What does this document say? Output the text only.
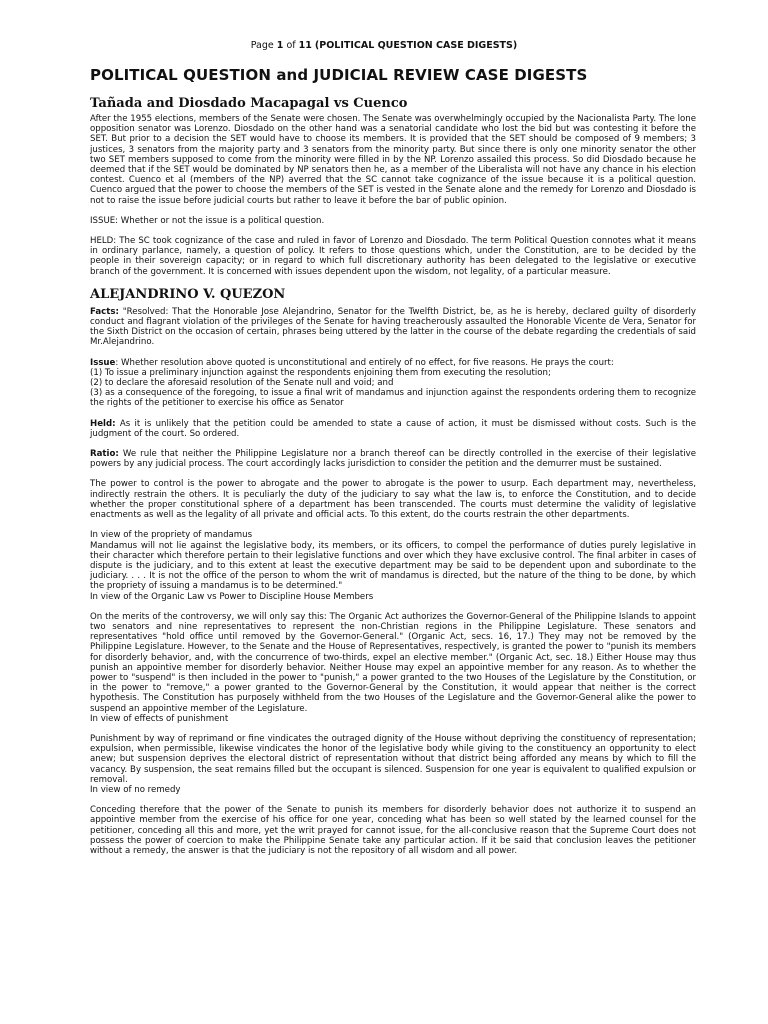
Page 1 of 11 (POLITICAL QUESTION CASE DIGESTS)
POLITICAL QUESTION and JUDICIAL REVIEW CASE DIGESTS
Tañada and Diosdado Macapagal vs Cuenco

After the 1955 elections, members of the Senate were chosen. The Senate was overwhelmingly occupied by the Nacionalista Party. The lone opposition senator was Lorenzo. Diosdado on the other hand was a senatorial candidate who lost the bid but was contesting it before the SET. But prior to a decision the SET would have to choose its members. It is provided that the SET should be composed of 9 members; 3 justices, 3 senators from the majority party and 3 senators from the minority party. But since there is only one minority senator the other two SET members supposed to come from the minority were filled in by the NP. Lorenzo assailed this process. So did Diosdado because he deemed that if the SET would be dominated by NP senators then he, as a member of the Liberalista will not have any chance in his election contest. Cuenco et al (members of the NP) averred that the SC cannot take cognizance of the issue because it is a political question. Cuenco argued that the power to choose the members of the SET is vested in the Senate alone and the remedy for Lorenzo and Diosdado is not to raise the issue before judicial courts but rather to leave it before the bar of public opinion.

ISSUE: Whether or not the issue is a political question.

HELD: The SC took cognizance of the case and ruled in favor of Lorenzo and Diosdado. The term Political Question connotes what it means in ordinary parlance, namely, a question of policy. It refers to those questions which, under the Constitution, are to be decided by the people in their sovereign capacity; or in regard to which full discretionary authority has been delegated to the legislative or executive branch of the government. It is concerned with issues dependent upon the wisdom, not legality, of a particular measure.

ALEJANDRINO V. QUEZON

Facts: "Resolved: That the Honorable Jose Alejandrino, Senator for the Twelfth District, be, as he is hereby, declared guilty of disorderly conduct and flagrant violation of the privileges of the Senate for having treacherously assaulted the Honorable Vicente de Vera, Senator for the Sixth District on the occasion of certain, phrases being uttered by the latter in the course of the debate regarding the credentials of said Mr.Alejandrino.

Issue: Whether resolution above quoted is unconstitutional and entirely of no effect, for five reasons. He prays the court:

(1) To issue a preliminary injunction against the respondents enjoining them from executing the resolution;

(2) to declare the aforesaid resolution of the Senate null and void; and

(3) as a consequence of the foregoing, to issue a final writ of mandamus and injunction against the respondents ordering them to recognize the rights of the petitioner to exercise his office as Senator

Held: As it is unlikely that the petition could be amended to state a cause of action, it must be dismissed without costs. Such is the judgment of the court. So ordered.

Ratio: We rule that neither the Philippine Legislature nor a branch thereof can be directly controlled in the exercise of their legislative powers by any judicial process. The court accordingly lacks jurisdiction to consider the petition and the demurrer must be sustained.

The power to control is the power to abrogate and the power to abrogate is the power to usurp. Each department may, nevertheless, indirectly restrain the others. It is peculiarly the duty of the judiciary to say what the law is, to enforce the Constitution, and to decide whether the proper constitutional sphere of a department has been transcended. The courts must determine the validity of legislative enactments as well as the legality of all private and official acts. To this extent, do the courts restrain the other departments.

In view of the propriety of mandamus

Mandamus will not lie against the legislative body, its members, or its officers, to compel the performance of duties purely legislative in their character which therefore pertain to their legislative functions and over which they have exclusive control. The final arbiter in cases of dispute is the judiciary, and to this extent at least the executive department may be said to be dependent upon and subordinate to the judiciary. . . . It is not the office of the person to whom the writ of mandamus is directed, but the nature of the thing to be done, by which the propriety of issuing a mandamus is to be determined."

In view of the Organic Law vs Power to Discipline House Members

On the merits of the controversy, we will only say this: The Organic Act authorizes the Governor-General of the Philippine Islands to appoint two senators and nine representatives to represent the non-Christian regions in the Philippine Legislature. These senators and representatives "hold office until removed by the Governor-General." (Organic Act, secs. 16, 17.) They may not be removed by the Philippine Legislature. However, to the Senate and the House of Representatives, respectively, is granted the power to "punish its members for disorderly behavior, and, with the concurrence of two-thirds, expel an elective member." (Organic Act, sec. 18.) Either House may thus punish an appointive member for disorderly behavior. Neither House may expel an appointive member for any reason. As to whether the power to "suspend" is then included in the power to "punish," a power granted to the two Houses of the Legislature by the Constitution, or in the power to "remove," a power granted to the Governor-General by the Constitution, it would appear that neither is the correct hypothesis. The Constitution has purposely withheld from the two Houses of the Legislature and the Governor-General alike the power to suspend an appointive member of the Legislature.

In view of effects of punishment

Punishment by way of reprimand or fine vindicates the outraged dignity of the House without depriving the constituency of representation; expulsion, when permissible, likewise vindicates the honor of the legislative body while giving to the constituency an opportunity to elect anew; but suspension deprives the electoral district of representation without that district being afforded any means by which to fill the vacancy. By suspension, the seat remains filled but the occupant is silenced. Suspension for one year is equivalent to qualified expulsion or removal.

In view of no remedy

Conceding therefore that the power of the Senate to punish its members for disorderly behavior does not authorize it to suspend an appointive member from the exercise of his office for one year, conceding what has been so well stated by the learned counsel for the petitioner, conceding all this and more, yet the writ prayed for cannot issue, for the all-conclusive reason that the Supreme Court does not possess the power of coercion to make the Philippine Senate take any particular action. If it be said that conclusion leaves the petitioner without a remedy, the answer is that the judiciary is not the repository of all wisdom and all power.
